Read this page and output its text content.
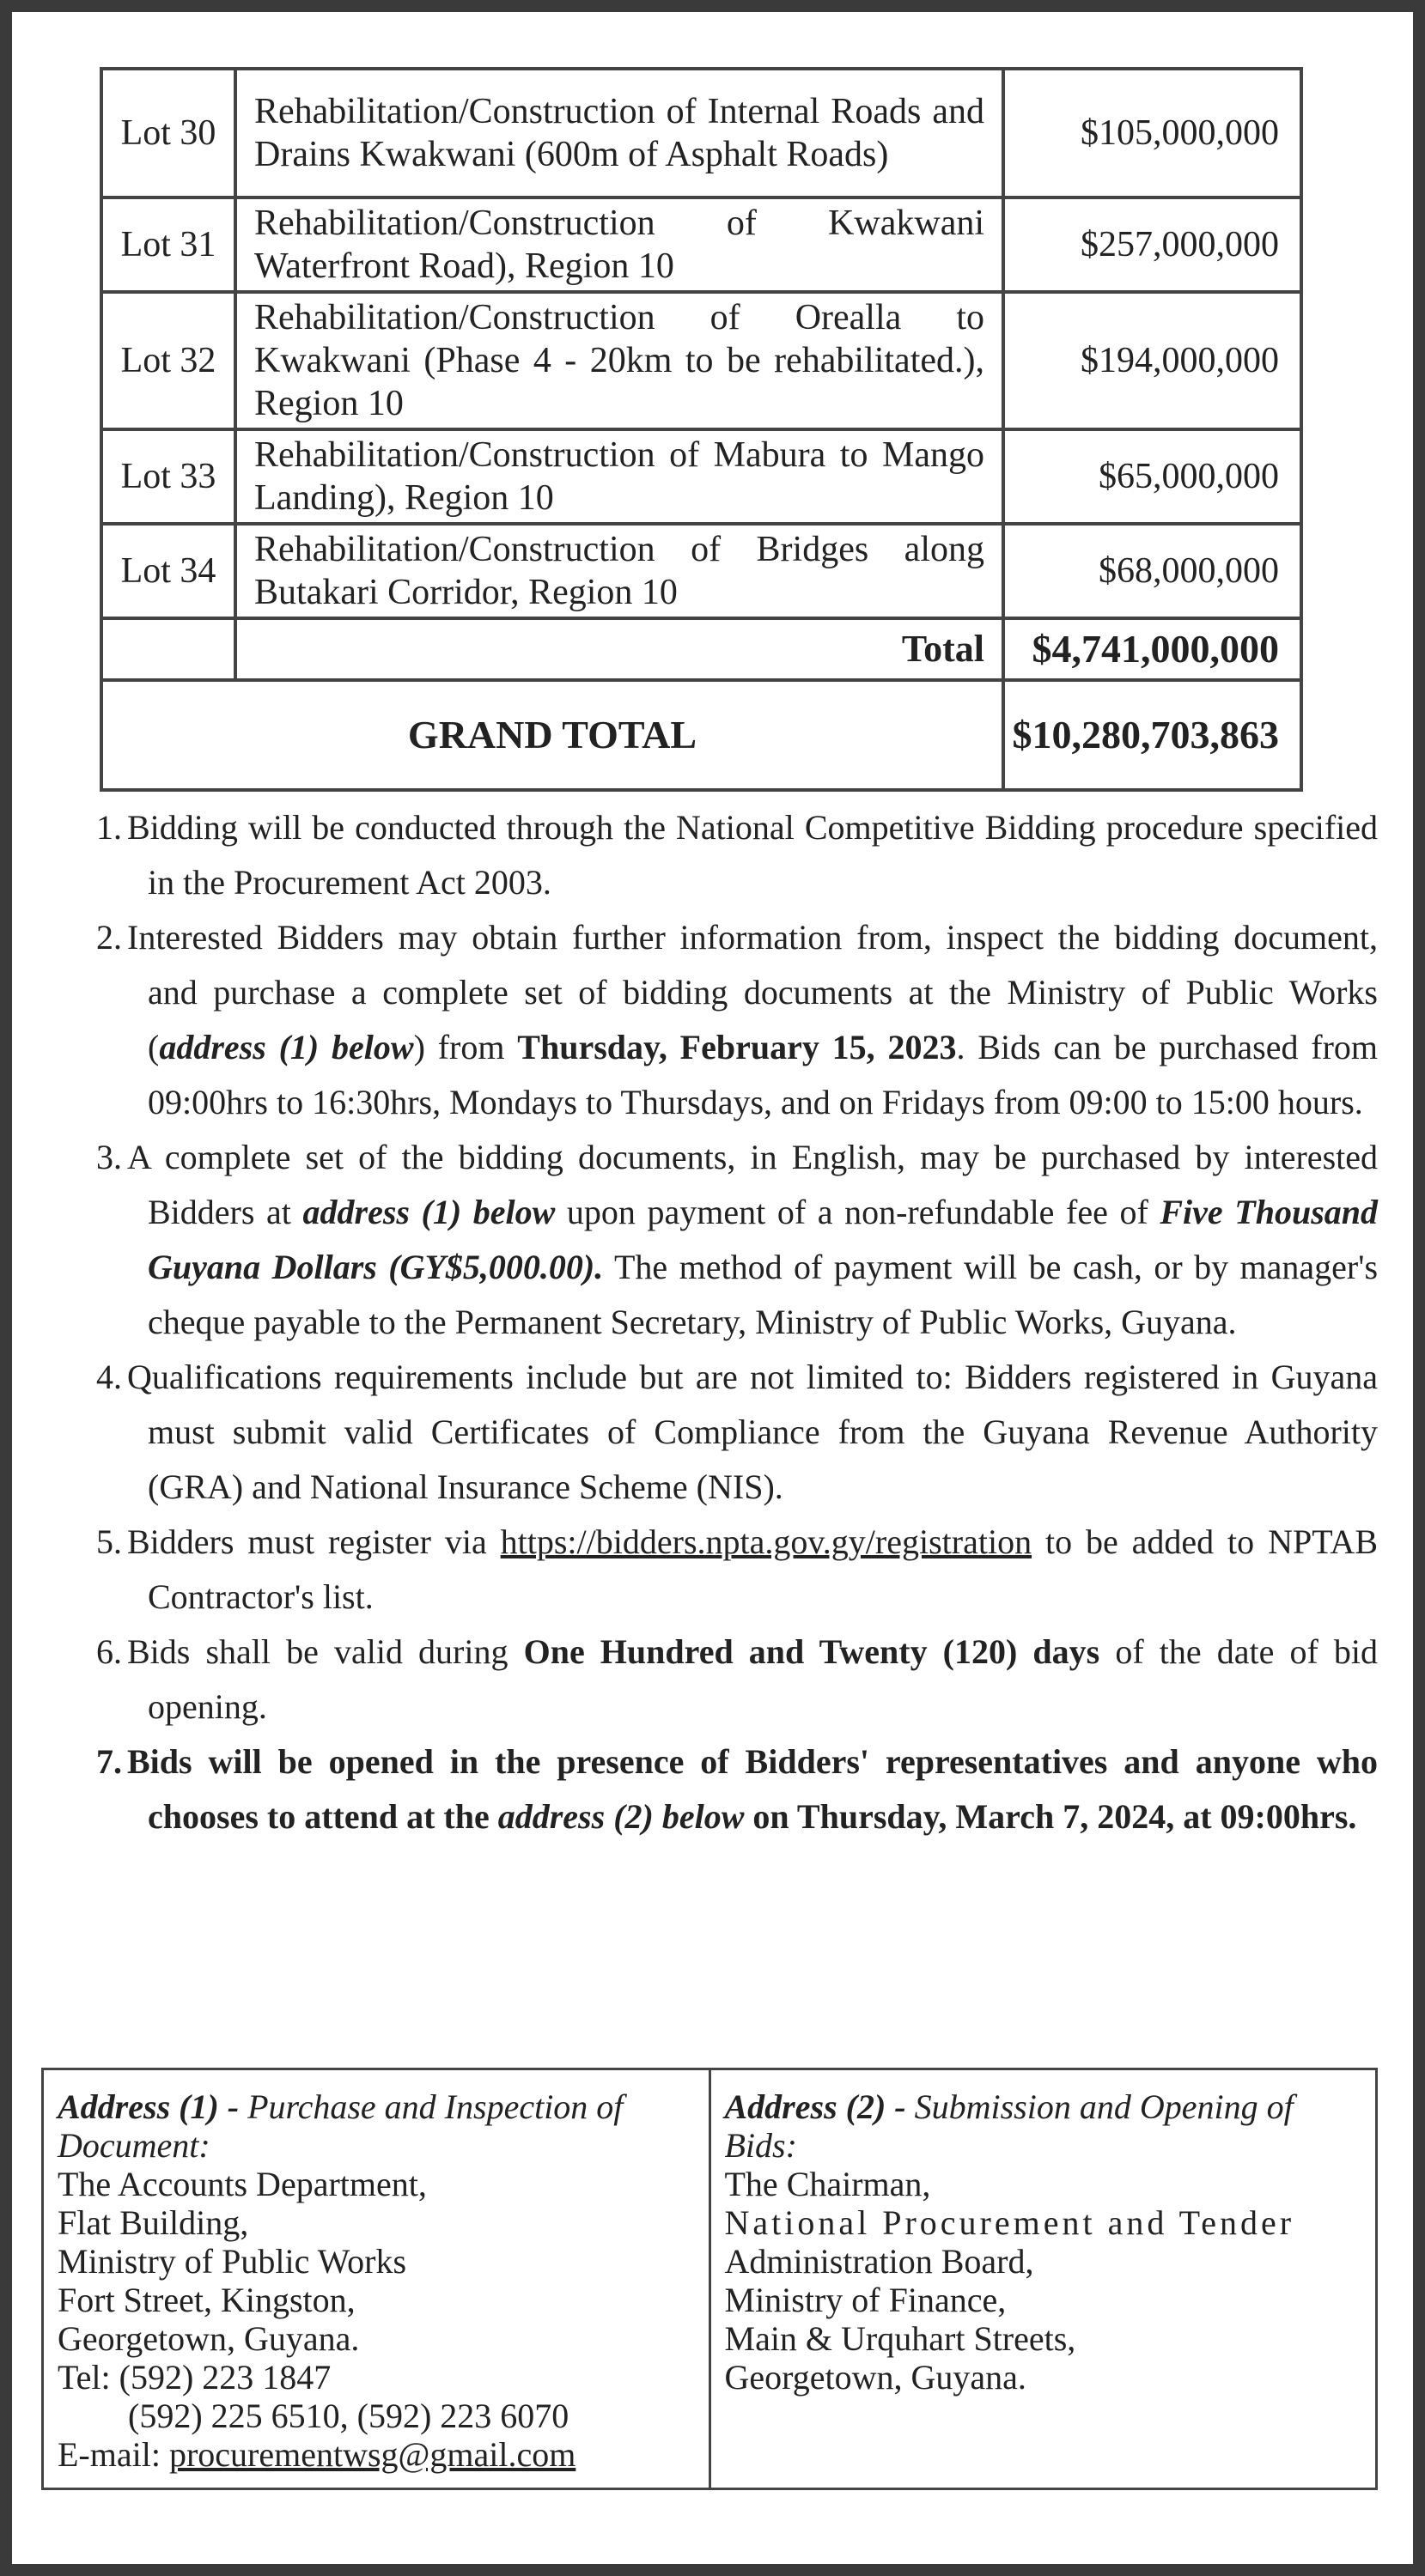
Lot 30	Rehabilitation/Construction of Internal Roads and Drains Kwakwani (600m of Asphalt Roads)	$105,000,000
Lot 31	Rehabilitation/Construction of Kwakwani Waterfront Road), Region 10	$257,000,000
Lot 32	Rehabilitation/Construction of Orealla to Kwakwani (Phase 4 - 20km to be rehabilitated.), Region 10	$194,000,000
Lot 33	Rehabilitation/Construction of Mabura to Mango Landing), Region 10	$65,000,000
Lot 34	Rehabilitation/Construction of Bridges along Butakari Corridor, Region 10	$68,000,000
	Total	$4,741,000,000
GRAND TOTAL		$10,280,703,863
1. Bidding will be conducted through the National Competitive Bidding procedure specified in the Procurement Act 2003.
2. Interested Bidders may obtain further information from, inspect the bidding document, and purchase a complete set of bidding documents at the Ministry of Public Works (address (1) below) from Thursday, February 15, 2023. Bids can be purchased from 09:00hrs to 16:30hrs, Mondays to Thursdays, and on Fridays from 09:00 to 15:00 hours.
3. A complete set of the bidding documents, in English, may be purchased by interested Bidders at address (1) below upon payment of a non-refundable fee of Five Thousand Guyana Dollars (GY$5,000.00). The method of payment will be cash, or by manager's cheque payable to the Permanent Secretary, Ministry of Public Works, Guyana.
4. Qualifications requirements include but are not limited to: Bidders registered in Guyana must submit valid Certificates of Compliance from the Guyana Revenue Authority (GRA) and National Insurance Scheme (NIS).
5. Bidders must register via https://bidders.npta.gov.gy/registration to be added to NPTAB Contractor's list.
6. Bids shall be valid during One Hundred and Twenty (120) days of the date of bid opening.
7. Bids will be opened in the presence of Bidders' representatives and anyone who chooses to attend at the address (2) below on Thursday, March 7, 2024, at 09:00hrs.
Address (1) - Purchase and Inspection of Document:
The Accounts Department,
Flat Building,
Ministry of Public Works
Fort Street, Kingston,
Georgetown, Guyana.
Tel: (592) 223 1847
(592) 225 6510, (592) 223 6070
E-mail: procurementwsg@gmail.com

Address (2) - Submission and Opening of Bids:
The Chairman,
National Procurement and Tender
Administration Board,
Ministry of Finance,
Main & Urquhart Streets,
Georgetown, Guyana.
